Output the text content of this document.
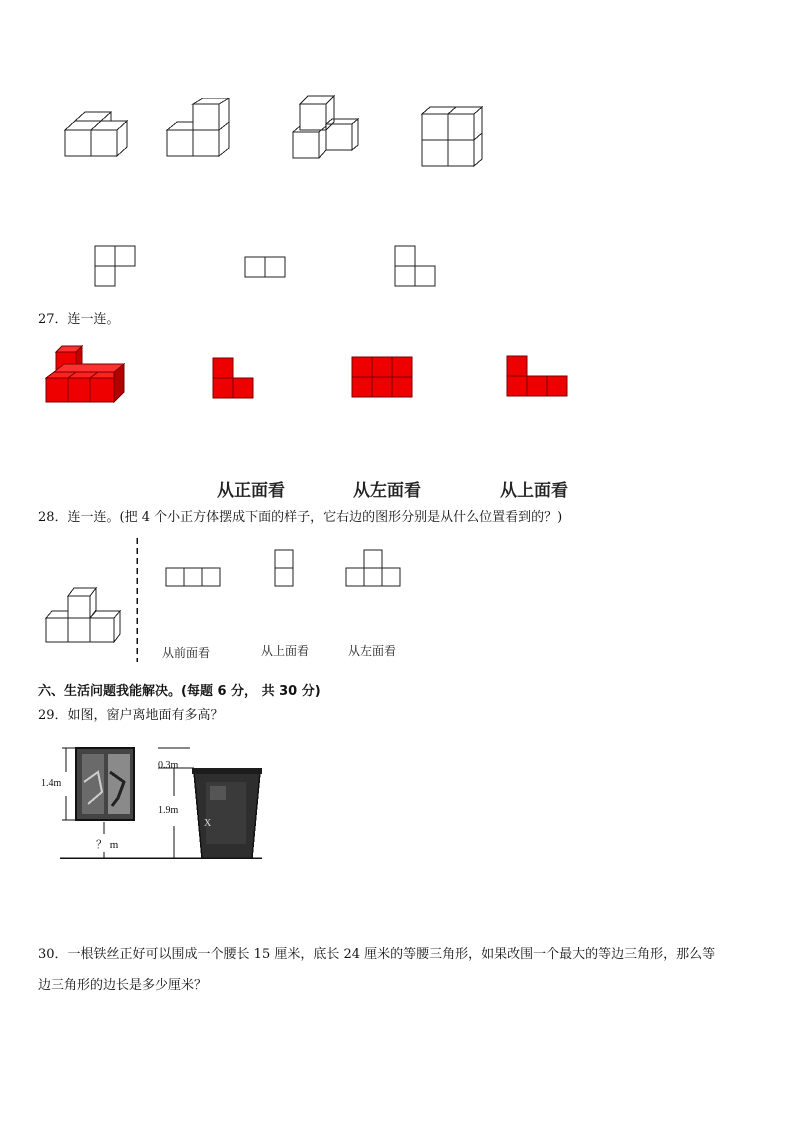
27．连一连。
从正面看	从左面看	从上面看
28．连一连。(把 4 个小正方体摆成下面的样子，它右边的图形分别是从什么位置看到的？)
从前面看	从上面看	从左面看
六、生活问题我能解决。(每题 6 分， 共 30 分)
29．如图，窗户离地面有多高？
X
1.4m
0.3m
1.9m
？ m
30．一根铁丝正好可以围成一个腰长 15 厘米，底长 24 厘米的等腰三角形，如果改围一个最大的等边三角形，那么等
边三角形的边长是多少厘米？
